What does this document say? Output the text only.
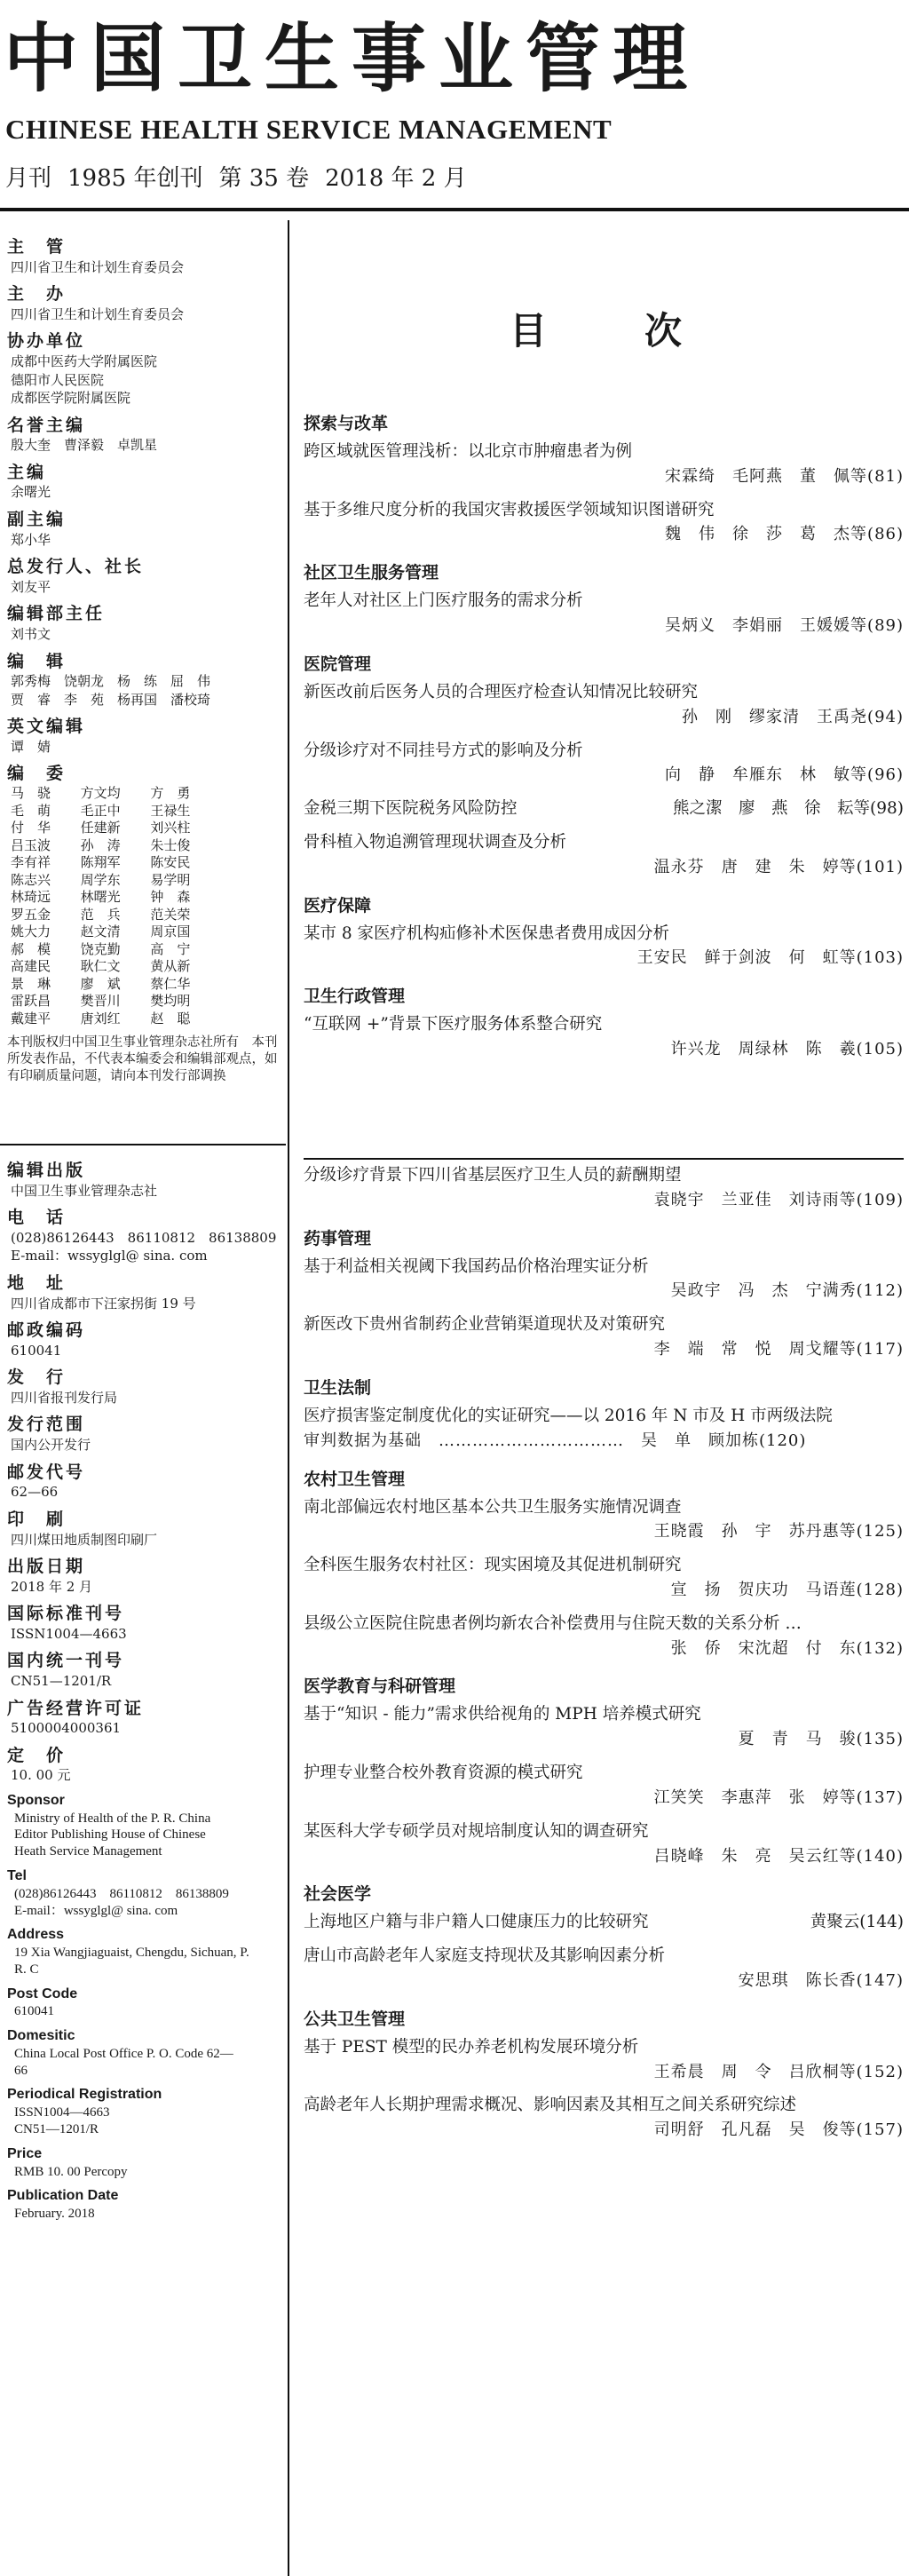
中国卫生事业管理
CHINESE HEALTH SERVICE MANAGEMENT
月刊 1985 年创刊 第 35 卷 2018 年 2 月
主　管
四川省卫生和计划生育委员会
主　办
四川省卫生和计划生育委员会
协办单位
成都中医药大学附属医院
德阳市人民医院
成都医学院附属医院
名誉主编
殷大奎　曹泽毅　卓凯星
主编
余曙光
副主编
郑小华
总发行人、社长
刘友平
编辑部主任
刘书文
编　辑
郭秀梅　饶朝龙　杨　练　屈　伟
贾　睿　李　苑　杨再国　潘校琦
英文编辑
谭　婧
编　委
马　骁	方文均	方　勇
毛　萌	毛正中	王禄生
付　华	任建新	刘兴柱
吕玉波	孙　涛	朱士俊
李有祥	陈翔军	陈安民
陈志兴	周学东	易学明
林琦远	林曙光	钟　森
罗五金	范　兵	范关荣
姚大力	赵文清	周京国
郝　模	饶克勤	高　宁
高建民	耿仁文	黄从新
景　琳	廖　斌	蔡仁华
雷跃昌	樊晋川	樊均明
戴建平	唐刘红	赵　聪
本刊版权归中国卫生事业管理杂志社所有　本刊所发表作品，不代表本编委会和编辑部观点，如有印刷质量问题，请向本刊发行部调换
编辑出版
中国卫生事业管理杂志社
电　话
(028)86126443　86110812　86138809
E-mail：wssyglgl@ sina. com
地　址
四川省成都市下汪家拐街 19 号
邮政编码
610041
发　行
四川省报刊发行局
发行范围
国内公开发行
邮发代号
62—66
印　刷
四川煤田地质制图印刷厂
出版日期
2018 年 2 月
国际标准刊号
ISSN1004—4663
国内统一刊号
CN51—1201/R
广告经营许可证
5100004000361
定　价
10. 00 元
Sponsor
Ministry of Health of the P. R. China
Editor Publishing House of Chinese
Heath Service Management
Tel
(028)86126443　86110812　86138809
E-mail：wssyglgl@ sina. com
Address
19 Xia Wangjiaguaist, Chengdu, Sichuan, P.
R. C
Post Code
610041
Domesitic
China Local Post Office P. O. Code 62—
66
Periodical Registration
ISSN1004—4663
CN51—1201/R
Price
RMB 10. 00 Percopy
Publication Date
February. 2018
目次
探索与改革
跨区域就医管理浅析：以北京市肿瘤患者为例
宋霖绮　毛阿燕　董　佩等(81)
基于多维尺度分析的我国灾害救援医学领域知识图谱研究
魏　伟　徐　莎　葛　杰等(86)
社区卫生服务管理
老年人对社区上门医疗服务的需求分析
吴炳义　李娟丽　王媛媛等(89)
医院管理
新医改前后医务人员的合理医疗检查认知情况比较研究
孙　刚　缪家清　王禹尧(94)
分级诊疗对不同挂号方式的影响及分析
向　静　牟雁东　林　敏等(96)
金税三期下医院税务风险防控	熊之潔　廖　燕　徐　耘等(98)
骨科植入物追溯管理现状调查及分析
温永芬　唐　建　朱　婷等(101)
医疗保障
某市 8 家医疗机构疝修补术医保患者费用成因分析
王安民　鲜于剑波　何　虹等(103)
卫生行政管理
“互联网 +”背景下医疗服务体系整合研究
许兴龙　周绿林　陈　羲(105)
分级诊疗背景下四川省基层医疗卫生人员的薪酬期望
袁晓宇　兰亚佳　刘诗雨等(109)
药事管理
基于利益相关视阈下我国药品价格治理实证分析
吴政宇　冯　杰　宁满秀(112)
新医改下贵州省制药企业营销渠道现状及对策研究
李　端　常　悦　周戈耀等(117)
卫生法制
医疗损害鉴定制度优化的实证研究——以 2016 年 N 市及 H 市两级法院
审判数据为基础　……………………………　吴　单　顾加栋(120)
农村卫生管理
南北部偏远农村地区基本公共卫生服务实施情况调查
王晓霞　孙　宇　苏丹惠等(125)
全科医生服务农村社区：现实困境及其促进机制研究
宣　扬　贺庆功　马语莲(128)
县级公立医院住院患者例均新农合补偿费用与住院天数的关系分析 …
张　侨　宋沈超　付　东(132)
医学教育与科研管理
基于“知识 - 能力”需求供给视角的 MPH 培养模式研究
夏　青　马　骏(135)
护理专业整合校外教育资源的模式研究
江笑笑　李惠萍　张　婷等(137)
某医科大学专硕学员对规培制度认知的调查研究
吕晓峰　朱　亮　吴云红等(140)
社会医学
上海地区户籍与非户籍人口健康压力的比较研究	黄聚云(144)
唐山市高龄老年人家庭支持现状及其影响因素分析
安思琪　陈长香(147)
公共卫生管理
基于 PEST 模型的民办养老机构发展环境分析
王希晨　周　令　吕欣桐等(152)
高龄老年人长期护理需求概况、影响因素及其相互之间关系研究综述
司明舒　孔凡磊　吴　俊等(157)
